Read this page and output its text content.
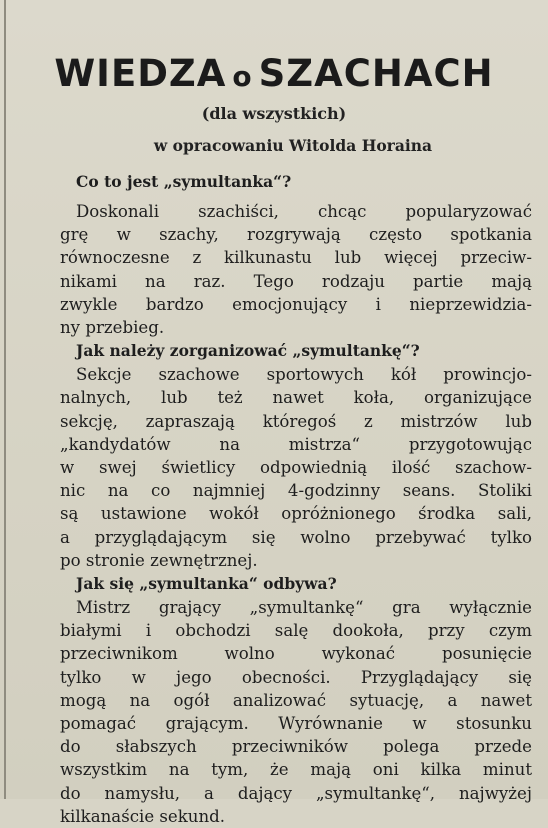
WIEDZA o SZACHACH
(dla wszystkich)
w opracowaniu Witolda Horaina
Co to jest „symultanka“?
Doskonali szachiści, chcąc popularyzować
grę w szachy, rozgrywają często spotkania
równoczesne z kilkunastu lub więcej przeciw-
nikami na raz. Tego rodzaju partie mają
zwykle bardzo emocjonujący i nieprzewidzia-
ny przebieg.
Jak należy zorganizować „symultankę“?
Sekcje szachowe sportowych kół prowincjo-
nalnych, lub też nawet koła, organizujące
sekcję, zapraszają któregoś z mistrzów lub
„kandydatów na mistrza“ przygotowując
w swej świetlicy odpowiednią ilość szachow-
nic na co najmniej 4-godzinny seans. Stoliki
są ustawione wokół opróżnionego środka sali,
a przyglądającym się wolno przebywać tylko
po stronie zewnętrznej.
Jak się „symultanka“ odbywa?
Mistrz grający „symultankę“ gra wyłącznie
białymi i obchodzi salę dookoła, przy czym
przeciwnikom wolno wykonać posunięcie
tylko w jego obecności. Przyglądający się
mogą na ogół analizować sytuację, a nawet
pomagać grającym. Wyrównanie w stosunku
do słabszych przeciwników polega przede
wszystkim na tym, że mają oni kilka minut
do namysłu, a dający „symultankę“, najwyżej
kilkanaście sekund.
